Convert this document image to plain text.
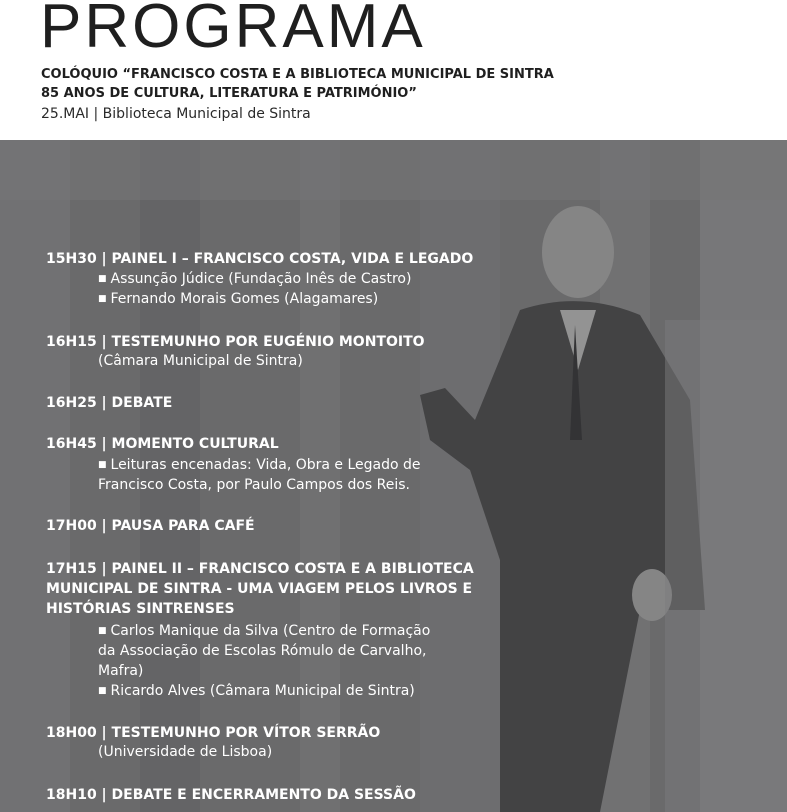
PROGRAMA
COLÓQUIO “FRANCISCO COSTA E A BIBLIOTECA MUNICIPAL DE SINTRA
85 ANOS DE CULTURA, LITERATURA E PATRIMÓNIO”
25.MAI | Biblioteca Municipal de Sintra
15H30 | PAINEL I – FRANCISCO COSTA, VIDA E LEGADO
■ Assunção Júdice (Fundação Inês de Castro)
■ Fernando Morais Gomes (Alagamares)
16H15 | TESTEMUNHO POR EUGÉNIO MONTOITO
(Câmara Municipal de Sintra)
16H25 | DEBATE
16H45 | MOMENTO CULTURAL
■ Leituras encenadas: Vida, Obra e Legado de
Francisco Costa, por Paulo Campos dos Reis.
17H00 | PAUSA PARA CAFÉ
17H15 | PAINEL II – FRANCISCO COSTA E A BIBLIOTECA
MUNICIPAL DE SINTRA - UMA VIAGEM PELOS LIVROS E
HISTÓRIAS SINTRENSES
■ Carlos Manique da Silva (Centro de Formação
da Associação de Escolas Rómulo de Carvalho,
Mafra)
■ Ricardo Alves (Câmara Municipal de Sintra)
18H00 | TESTEMUNHO POR VÍTOR SERRÃO
(Universidade de Lisboa)
18H10 | DEBATE E ENCERRAMENTO DA SESSÃO
